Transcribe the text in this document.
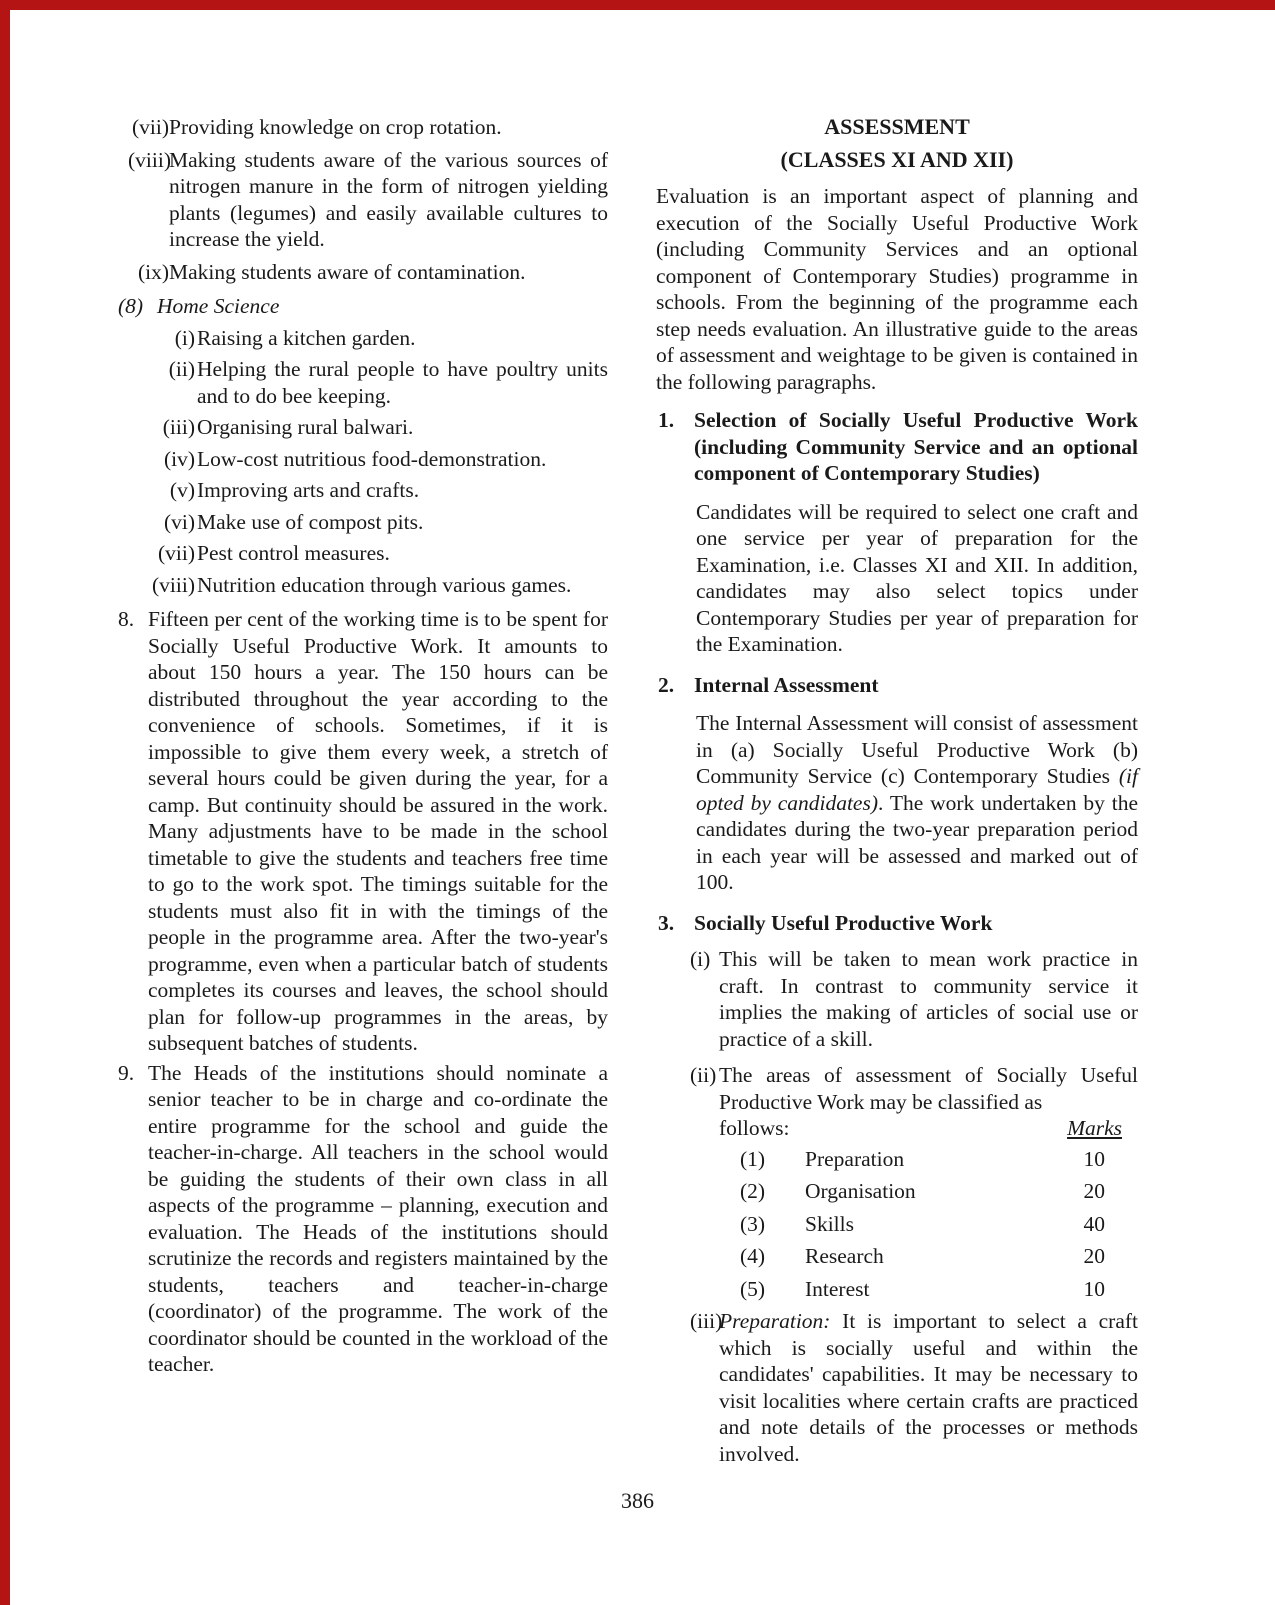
(vii) Providing knowledge on crop rotation.
(viii)
Making students aware of the various sources of nitrogen manure in the form of nitrogen yielding plants (legumes) and easily available cultures to increase the yield.
(ix) Making students aware of contamination.
(8) Home Science
(i) Raising a kitchen garden.
(ii) Helping the rural people to have poultry units and to do bee keeping.
(iii) Organising rural balwari.
(iv) Low-cost nutritious food-demonstration.
(v) Improving arts and crafts.
(vi) Make use of compost pits.
(vii) Pest control measures.
(viii) Nutrition education through various games.
8. Fifteen per cent of the working time is to be spent for Socially Useful Productive Work. It amounts to about 150 hours a year. The 150 hours can be distributed throughout the year according to the convenience of schools. Sometimes, if it is impossible to give them every week, a stretch of several hours could be given during the year, for a camp. But continuity should be assured in the work. Many adjustments have to be made in the school timetable to give the students and teachers free time to go to the work spot. The timings suitable for the students must also fit in with the timings of the people in the programme area. After the two-year's programme, even when a particular batch of students completes its courses and leaves, the school should plan for follow-up programmes in the areas, by subsequent batches of students.
9. The Heads of the institutions should nominate a senior teacher to be in charge and co-ordinate the entire programme for the school and guide the teacher-in-charge. All teachers in the school would be guiding the students of their own class in all aspects of the programme – planning, execution and evaluation. The Heads of the institutions should scrutinize the records and registers maintained by the students, teachers and teacher-in-charge (coordinator) of the programme. The work of the coordinator should be counted in the workload of the teacher.
ASSESSMENT
(CLASSES XI AND XII)
Evaluation is an important aspect of planning and execution of the Socially Useful Productive Work (including Community Services and an optional component of Contemporary Studies) programme in schools. From the beginning of the programme each step needs evaluation. An illustrative guide to the areas of assessment and weightage to be given is contained in the following paragraphs.
1. Selection of Socially Useful Productive Work (including Community Service and an optional component of Contemporary Studies)
Candidates will be required to select one craft and one service per year of preparation for the Examination, i.e. Classes XI and XII. In addition, candidates may also select topics under Contemporary Studies per year of preparation for the Examination.
2. Internal Assessment
The Internal Assessment will consist of assessment in (a) Socially Useful Productive Work (b) Community Service (c) Contemporary Studies (if opted by candidates). The work undertaken by the candidates during the two-year preparation period in each year will be assessed and marked out of 100.
3. Socially Useful Productive Work
(i) This will be taken to mean work practice in craft. In contrast to community service it implies the making of articles of social use or practice of a skill.
(ii) The areas of assessment of Socially Useful Productive Work may be classified as
follows:	Marks
(1)	Preparation	10
(2)	Organisation	20
(3)	Skills	40
(4)	Research	20
(5)	Interest	10
(iii)
Preparation: It is important to select a craft which is socially useful and within the candidates' capabilities. It may be necessary to visit localities where certain crafts are practiced and note details of the processes or methods involved.
386
